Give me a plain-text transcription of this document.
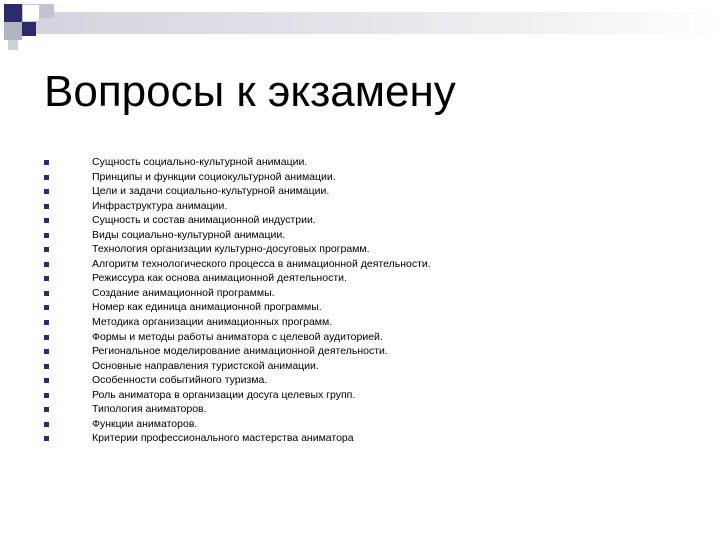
Вопросы к экзамену
Сущность социально-культурной анимации.
Принципы и функции социокультурной анимации.
Цели и задачи социально-культурной анимации.
Инфраструктура анимации.
Сущность и состав анимационной индустрии.
Виды социально-культурной анимации.
Технология организации культурно-досуговых программ.
Алгоритм технологического процесса в анимационной деятельности.
Режиссура как основа анимационной деятельности.
Создание анимационной программы.
Номер как единица анимационной программы.
Методика организации анимационных программ.
Формы и методы работы аниматора с целевой аудиторией.
Региональное моделирование анимационной деятельности.
Основные направления туристской анимации.
Особенности событийного туризма.
Роль аниматора в организации досуга целевых групп.
Типология аниматоров.
Функции аниматоров.
Критерии профессионального мастерства аниматора
